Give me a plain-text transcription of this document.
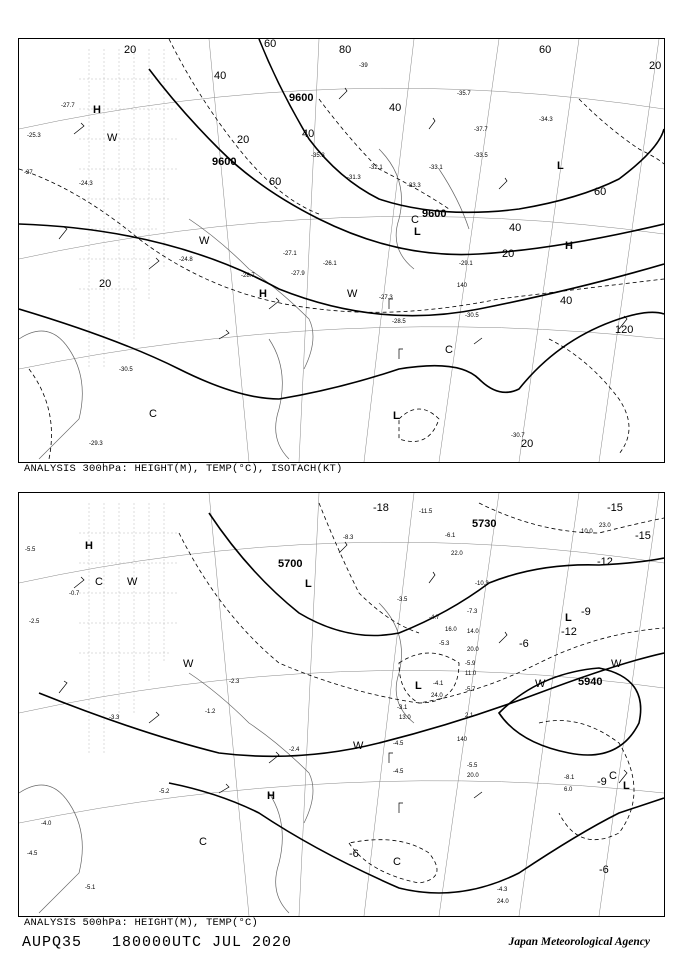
9600
9600
9600
20
40
60	80
20	40
60
40
60
20
40
20
60
20
40
120
20
H
H
H
L
L
L
W
W
W
C
C
C
-27.7
-25.3
-24.3
-27
-24.8
-26.1
-27.9
-27.3
-28.5
-30.5
-30.7
-29.3
-30.5
-33.3
-31.3
-33.5
-35.7
-37.7
-34.3
-39
-35.3
-29.1
-27.1
-28.7
-32.1	-33.1
140
ANALYSIS 300hPa: HEIGHT(M), TEMP(°C), ISOTACH(KT)
5700
5730
5940
-6
-9
-12
-15
-18
-6
-9
-6
-15
-12
H
H
L
L
L
L
W
W
W
W
W
C
C
C
C
-5.5
-0.7
-2.5
-3.3
-4.0
-4.5
-5.1
-5.2
-4.3
-6.1
-10.3
-11.5
-8.3
-5.3
-4.7
-7.3
-3.5
-2.3
-1.2
-4.5
-5.5
-5.9
-5.7
-4.1
-3.1
-2.4
-4.5
-8.1
22.0
14.0
20.0
13.0
24.0
16.0
11.0
2.1
20.0
6.0
24.0
10.0
23.0
140
ANALYSIS 500hPa: HEIGHT(M), TEMP(°C)
AUPQ35 180000UTC JUL 2020	Japan Meteorological Agency
